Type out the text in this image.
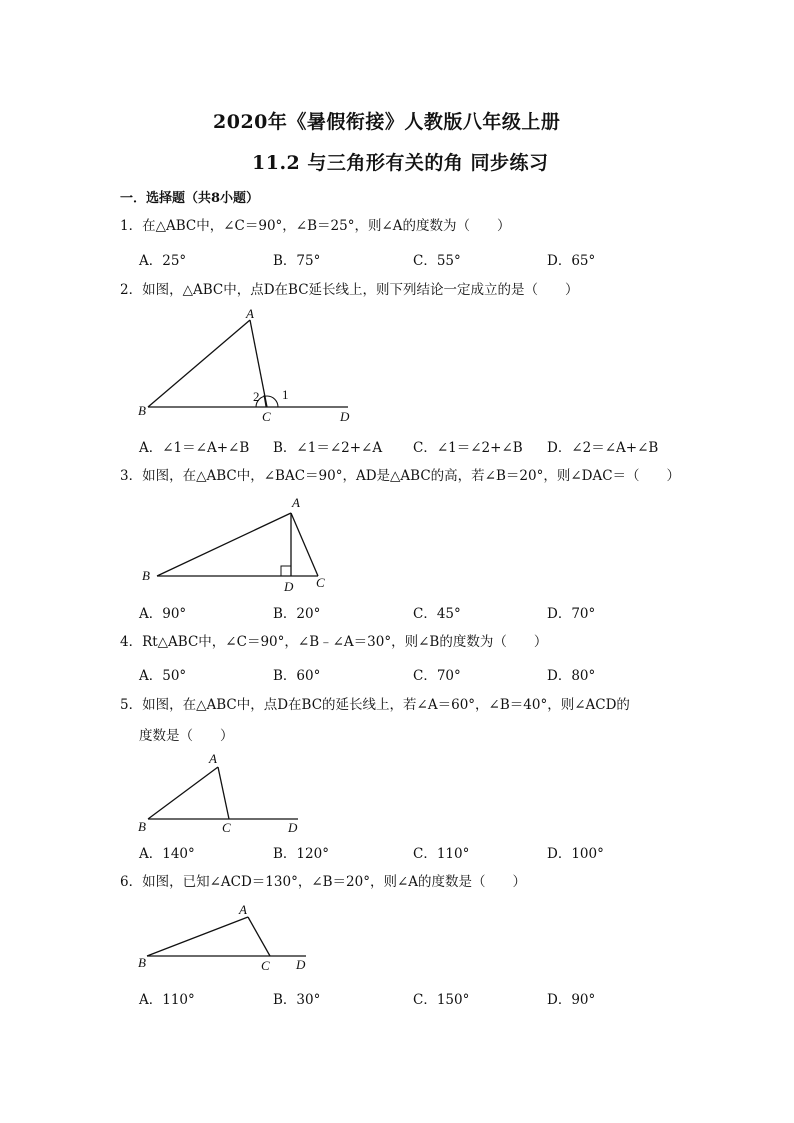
2020年《暑假衔接》人教版八年级上册
11.2 与三角形有关的角 同步练习
一．选择题（共8小题）
1．在△ABC中，∠C＝90°，∠B＝25°，则∠A的度数为（　　）
A．25°	B．75°	C．55°	D．65°
2．如图，△ABC中，点D在BC延长线上，则下列结论一定成立的是（　　）
A
B	C	D
1
2
A．∠1＝∠A+∠B B．∠1＝∠2+∠A C．∠1＝∠2+∠B D．∠2＝∠A+∠B
3．如图，在△ABC中，∠BAC＝90°，AD是△ABC的高，若∠B＝20°，则∠DAC＝（　　）
A
B	C
D
A．90°	B．20°	C．45°	D．70°
4．Rt△ABC中，∠C＝90°，∠B﹣∠A＝30°，则∠B的度数为（　　）
A．50°	B．60°	C．70°	D．80°
5．如图，在△ABC中，点D在BC的延长线上，若∠A＝60°，∠B＝40°，则∠ACD的
度数是（　　）
A
B	C	D
A．140°	B．120°	C．110°	D．100°
6．如图，已知∠ACD＝130°，∠B＝20°，则∠A的度数是（　　）
A
B	C D
A．110°	B．30°	C．150°	D．90°
